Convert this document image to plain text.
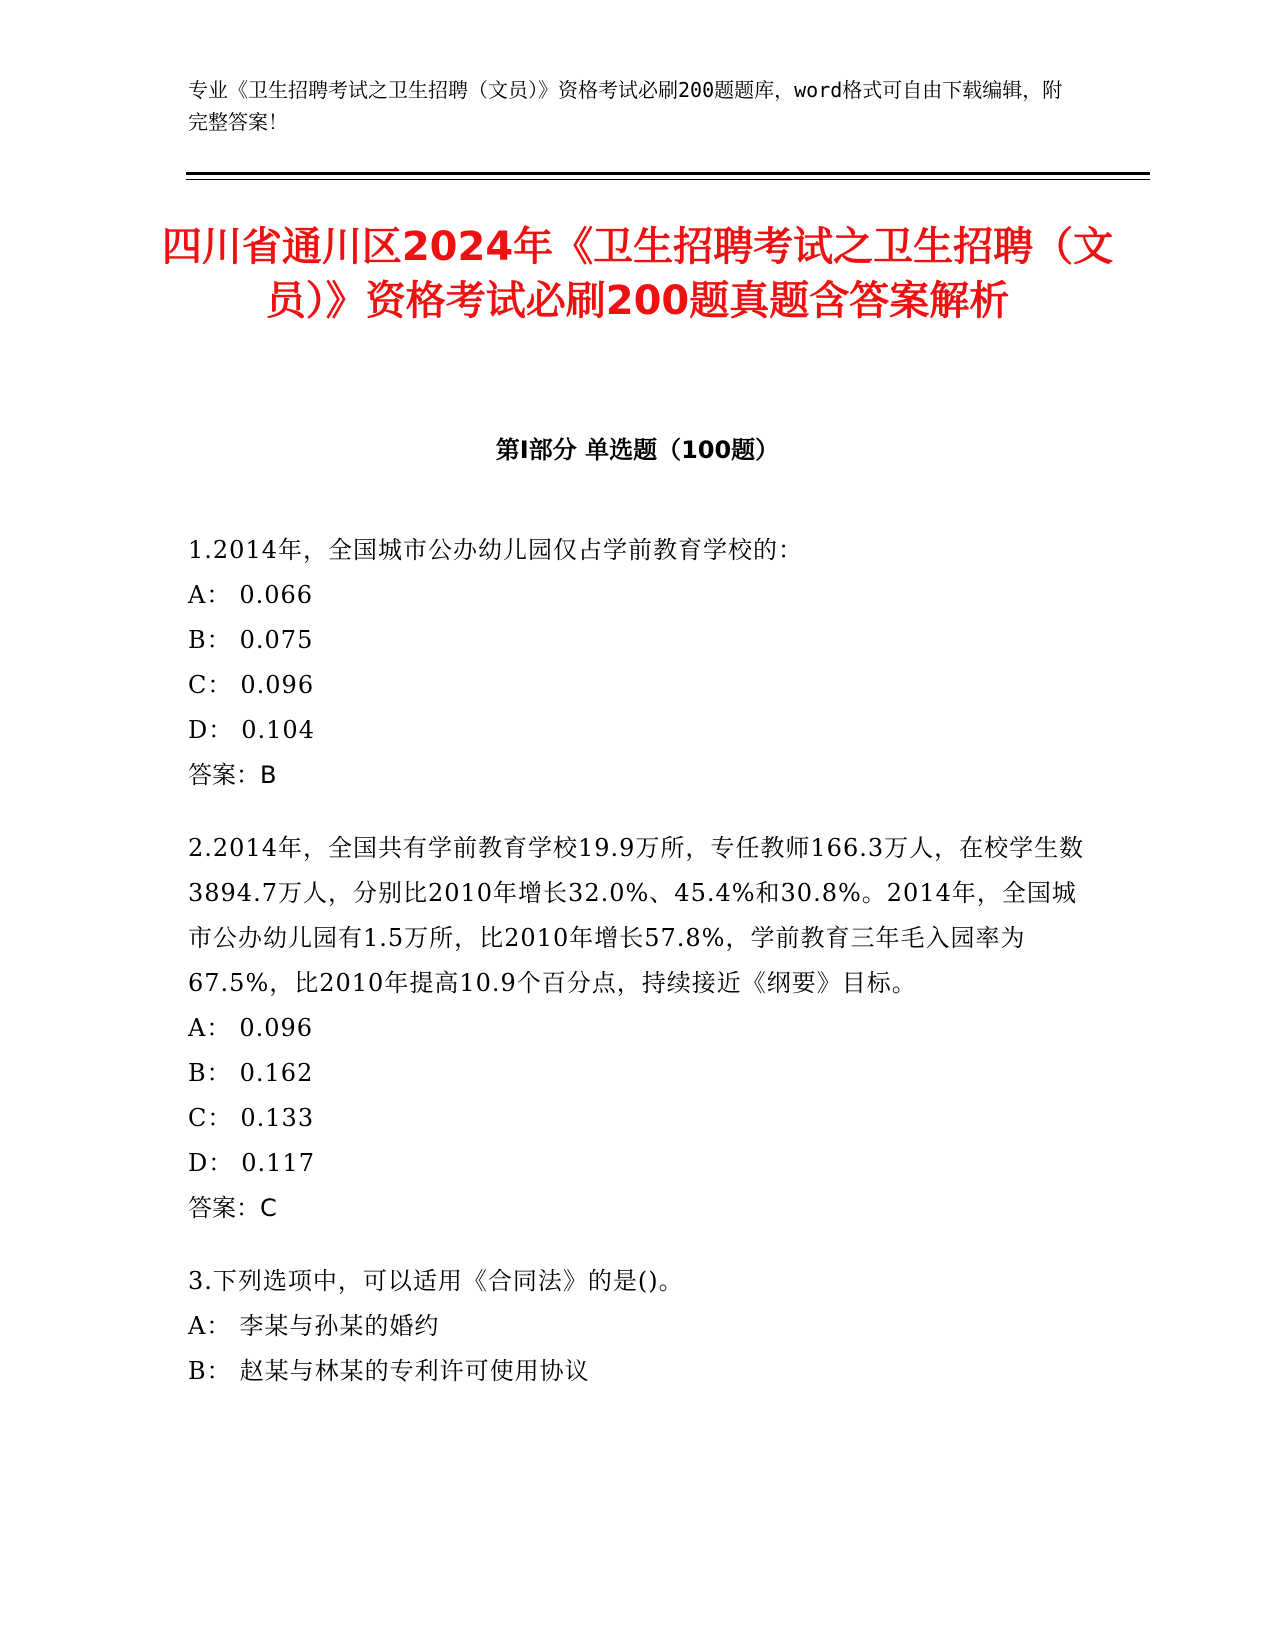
专业《卫生招聘考试之卫生招聘（文员）》资格考试必刷200题题库，word格式可自由下载编辑，附完整答案！
四川省通川区2024年《卫生招聘考试之卫生招聘（文员）》资格考试必刷200题真题含答案解析
第Ⅰ部分 单选题（100题）
1.2014年，全国城市公办幼儿园仅占学前教育学校的：
A： 0.066
B： 0.075
C： 0.096
D： 0.104
答案：B
2.2014年，全国共有学前教育学校19.9万所，专任教师166.3万人，在校学生数3894.7万人，分别比2010年增长32.0%、45.4%和30.8%。2014年，全国城市公办幼儿园有1.5万所，比2010年增长57.8%，学前教育三年毛入园率为67.5%，比2010年提高10.9个百分点，持续接近《纲要》目标。
A： 0.096
B： 0.162
C： 0.133
D： 0.117
答案：C
3.下列选项中，可以适用《合同法》的是()。
A： 李某与孙某的婚约
B： 赵某与林某的专利许可使用协议
